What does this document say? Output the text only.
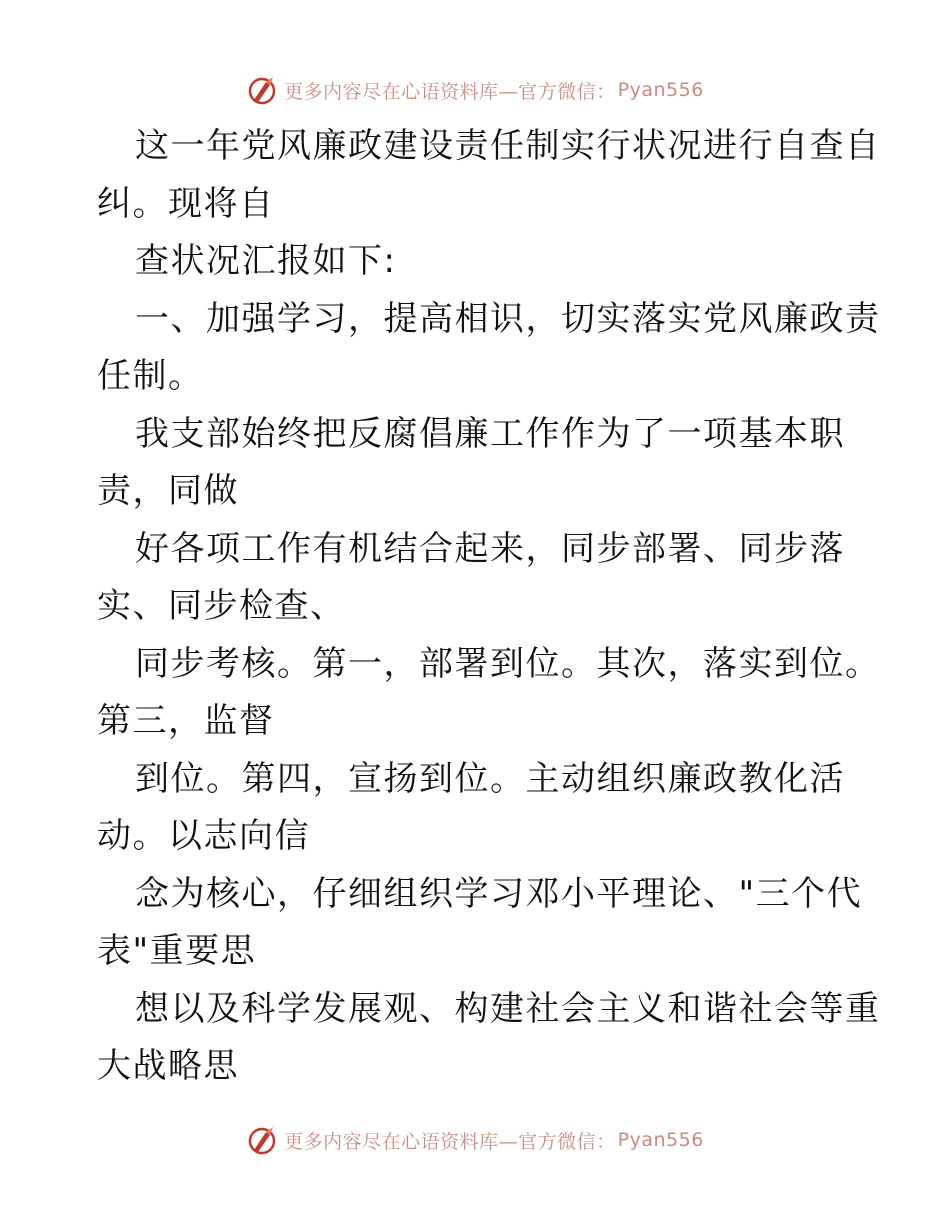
更多内容尽在心语资料库—官方微信： Pyan556
这一年党风廉政建设责任制实行状况进行自查自
纠。现将自
查状况汇报如下:
一、加强学习，提高相识，切实落实党风廉政责
任制。
我支部始终把反腐倡廉工作作为了一项基本职
责，同做
好各项工作有机结合起来，同步部署、同步落
实、同步检查、
同步考核。第一，部署到位。其次，落实到位。
第三，监督
到位。第四，宣扬到位。主动组织廉政教化活
动。以志向信
念为核心，仔细组织学习邓小平理论、"三个代
表"重要思
想以及科学发展观、构建社会主义和谐社会等重
大战略思
更多内容尽在心语资料库—官方微信： Pyan556
